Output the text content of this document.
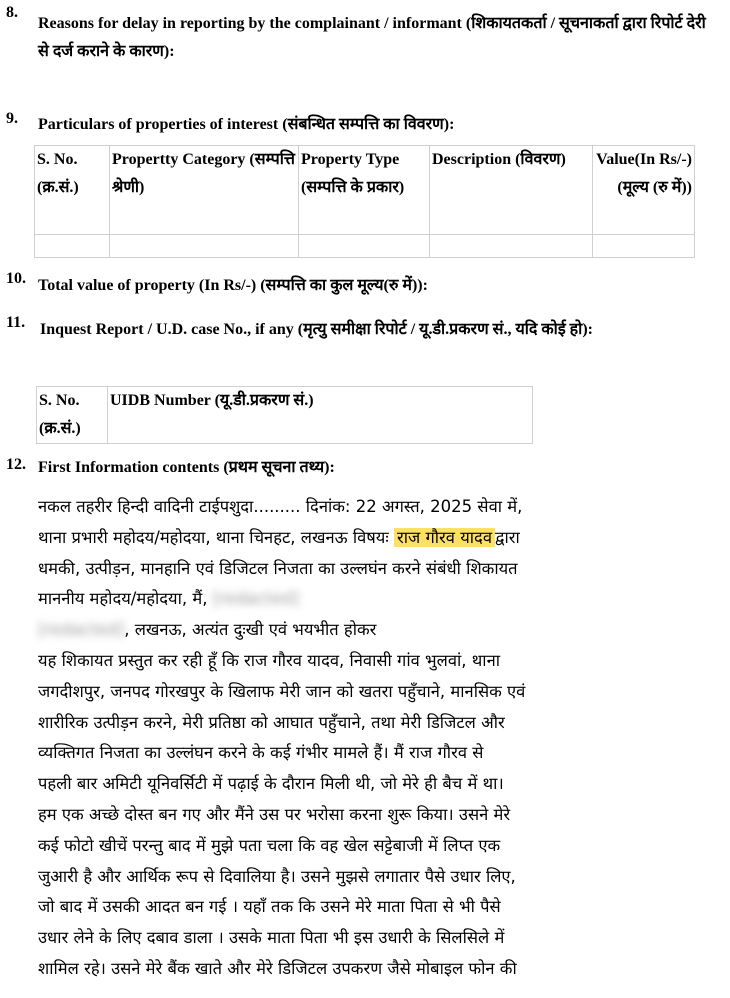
8.
Reasons for delay in reporting by the complainant / informant (शिकायतकर्ता / सूचनाकर्ता द्वारा रिपोर्ट देरी से दर्ज कराने के कारण):
9. Particulars of properties of interest (संबन्धित सम्पत्ति का विवरण):
S. No. (क्र.सं.)	Propertty Category (सम्पत्ति श्रेणी)	Property Type (सम्पत्ति के प्रकार)	Description (विवरण)	Value(In Rs/-) (मूल्य (रु में))

10. Total value of property (In Rs/-) (सम्पत्ति का कुल मूल्य(रु में)):
11. Inquest Report / U.D. case No., if any (मृत्यु समीक्षा रिपोर्ट / यू.डी.प्रकरण सं., यदि कोई हो):
S. No. (क्र.सं.)	UIDB Number (यू.डी.प्रकरण सं.)
12. First Information contents (प्रथम सूचना तथ्य):
नकल तहरीर हिन्दी वादिनी टाईपशुदा......... दिनांक: 22 अगस्त, 2025 सेवा में,
थाना प्रभारी महोदय/महोदया, थाना चिनहट, लखनऊ विषयः राज गौरव यादव द्वारा
धमकी, उत्पीड़न, मानहानि एवं डिजिटल निजता का उल्लघंन करने संबंधी शिकायत
माननीय महोदय/महोदया, मैं, [redacted]
[redacted], लखनऊ, अत्यंत दुःखी एवं भयभीत होकर
यह शिकायत प्रस्तुत कर रही हूँ कि राज गौरव यादव, निवासी गांव भुलवां, थाना
जगदीशपुर, जनपद गोरखपुर के खिलाफ मेरी जान को खतरा पहुँचाने, मानसिक एवं
शारीरिक उत्पीड़न करने, मेरी प्रतिष्ठा को आघात पहुँचाने, तथा मेरी डिजिटल और
व्यक्तिगत निजता का उल्लंघन करने के कई गंभीर मामले हैं। मैं राज गौरव से
पहली बार अमिटी यूनिवर्सिटी में पढ़ाई के दौरान मिली थी, जो मेरे ही बैच में था।
हम एक अच्छे दोस्त बन गए और मैंने उस पर भरोसा करना शुरू किया। उसने मेरे
कई फोटो खीचें परन्तु बाद में मुझे पता चला कि वह खेल सट्टेबाजी में लिप्त एक
जुआरी है और आर्थिक रूप से दिवालिया है। उसने मुझसे लगातार पैसे उधार लिए,
जो बाद में उसकी आदत बन गई । यहाँ तक कि उसने मेरे माता पिता से भी पैसे
उधार लेने के लिए दबाव डाला । उसके माता पिता भी इस उधारी के सिलसिले में
शामिल रहे। उसने मेरे बैंक खाते और मेरे डिजिटल उपकरण जैसे मोबाइल फोन की
